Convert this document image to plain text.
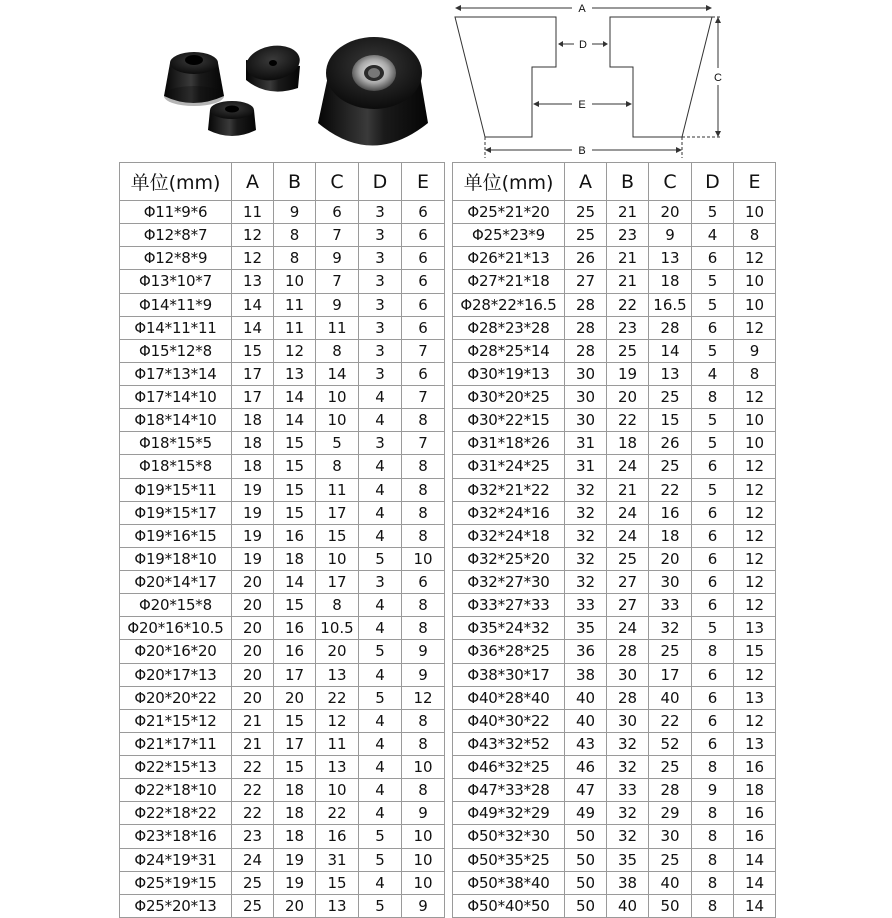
A
D
E
B
C
单位(mm)	A	B	C	D	E
Φ11*9*6	11	9	6	3	6
Φ12*8*7	12	8	7	3	6
Φ12*8*9	12	8	9	3	6
Φ13*10*7	13	10	7	3	6
Φ14*11*9	14	11	9	3	6
Φ14*11*11	14	11	11	3	6
Φ15*12*8	15	12	8	3	7
Φ17*13*14	17	13	14	3	6
Φ17*14*10	17	14	10	4	7
Φ18*14*10	18	14	10	4	8
Φ18*15*5	18	15	5	3	7
Φ18*15*8	18	15	8	4	8
Φ19*15*11	19	15	11	4	8
Φ19*15*17	19	15	17	4	8
Φ19*16*15	19	16	15	4	8
Φ19*18*10	19	18	10	5	10
Φ20*14*17	20	14	17	3	6
Φ20*15*8	20	15	8	4	8
Φ20*16*10.5	20	16	10.5	4	8
Φ20*16*20	20	16	20	5	9
Φ20*17*13	20	17	13	4	9
Φ20*20*22	20	20	22	5	12
Φ21*15*12	21	15	12	4	8
Φ21*17*11	21	17	11	4	8
Φ22*15*13	22	15	13	4	10
Φ22*18*10	22	18	10	4	8
Φ22*18*22	22	18	22	4	9
Φ23*18*16	23	18	16	5	10
Φ24*19*31	24	19	31	5	10
Φ25*19*15	25	19	15	4	10
Φ25*20*13	25	20	13	5	9
单位(mm)	A	B	C	D	E
Φ25*21*20	25	21	20	5	10
Φ25*23*9	25	23	9	4	8
Φ26*21*13	26	21	13	6	12
Φ27*21*18	27	21	18	5	10
Φ28*22*16.5	28	22	16.5	5	10
Φ28*23*28	28	23	28	6	12
Φ28*25*14	28	25	14	5	9
Φ30*19*13	30	19	13	4	8
Φ30*20*25	30	20	25	8	12
Φ30*22*15	30	22	15	5	10
Φ31*18*26	31	18	26	5	10
Φ31*24*25	31	24	25	6	12
Φ32*21*22	32	21	22	5	12
Φ32*24*16	32	24	16	6	12
Φ32*24*18	32	24	18	6	12
Φ32*25*20	32	25	20	6	12
Φ32*27*30	32	27	30	6	12
Φ33*27*33	33	27	33	6	12
Φ35*24*32	35	24	32	5	13
Φ36*28*25	36	28	25	8	15
Φ38*30*17	38	30	17	6	12
Φ40*28*40	40	28	40	6	13
Φ40*30*22	40	30	22	6	12
Φ43*32*52	43	32	52	6	13
Φ46*32*25	46	32	25	8	16
Φ47*33*28	47	33	28	9	18
Φ49*32*29	49	32	29	8	16
Φ50*32*30	50	32	30	8	16
Φ50*35*25	50	35	25	8	14
Φ50*38*40	50	38	40	8	14
Φ50*40*50	50	40	50	8	14
